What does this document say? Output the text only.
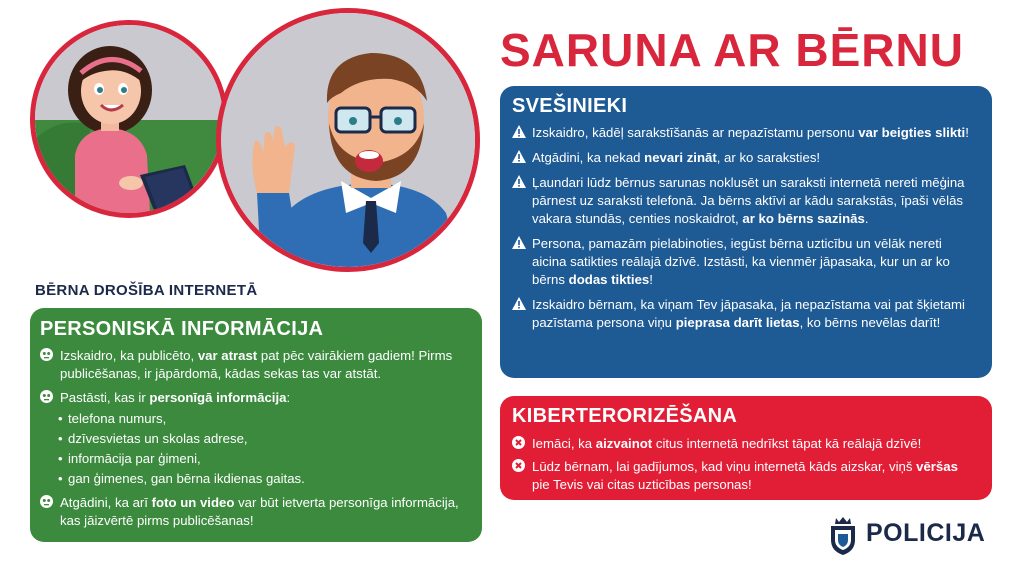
SARUNA AR BĒRNU
BĒRNA DROŠĪBA INTERNETĀ
SVEŠINIEKI
Izskaidro, kādēļ sarakstīšanās ar nepazīstamu personu var beigties slikti!
Atgādini, ka nekad nevari zināt, ar ko saraksties!
Ļaundari lūdz bērnus sarunas noklusēt un saraksti internetā nereti mēģina pārnest uz saraksti telefonā. Ja bērns aktīvi ar kādu sarakstās, īpaši vēlās vakara stundās, centies noskaidrot, ar ko bērns sazinās.
Persona, pamazām pielabinoties, iegūst bērna uzticību un vēlāk nereti aicina satikties reālajā dzīvē. Izstāsti, ka vienmēr jāpasaka, kur un ar ko bērns dodas tikties!
Izskaidro bērnam, ka viņam Tev jāpasaka, ja nepazīstama vai pat šķietami pazīstama persona viņu pieprasa darīt lietas, ko bērns nevēlas darīt!
PERSONISKĀ INFORMĀCIJA
Izskaidro, ka publicēto, var atrast pat pēc vairākiem gadiem! Pirms publicēšanas, ir jāpārdomā, kādas sekas tas var atstāt.
Pastāsti, kas ir personīgā informācija:
• telefona numurs,
• dzīvesvietas un skolas adrese,
• informācija par ģimeni,
• gan ģimenes, gan bērna ikdienas gaitas.
Atgādini, ka arī foto un video var būt ietverta personīga informācija, kas jāizvērtē pirms publicēšanas!
KIBERTERORIZĒŠANA
Iemāci, ka aizvainot citus internetā nedrīkst tāpat kā reālajā dzīvē!
Lūdz bērnam, lai gadījumos, kad viņu internetā kāds aizskar, viņš vēršas pie Tevis vai citas uzticības personas!
POLICIJA
